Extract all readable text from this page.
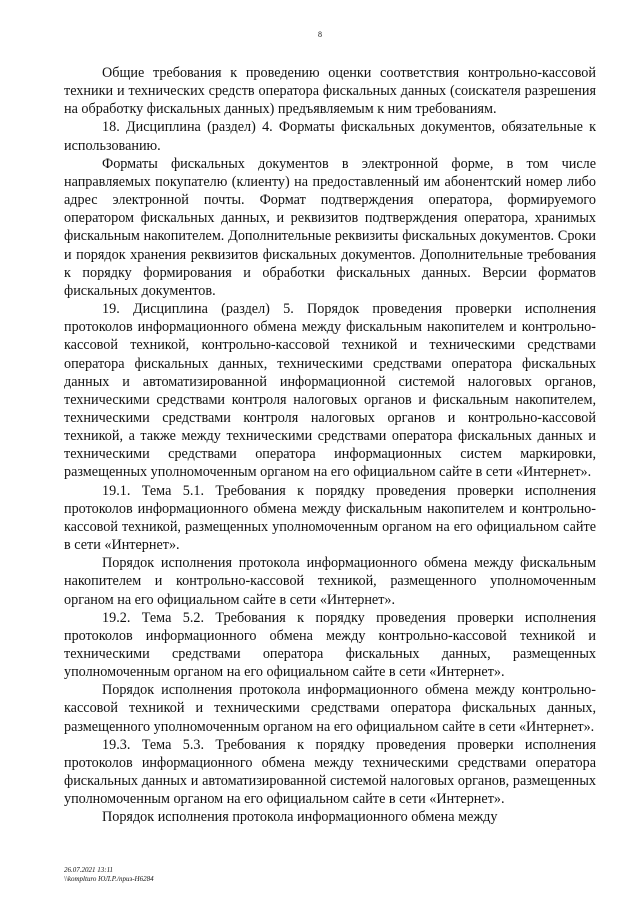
8

Общие требования к проведению оценки соответствия контрольно-кассовой техники и технических средств оператора фискальных данных (соискателя разрешения на обработку фискальных данных) предъявляемым к ним требованиям.

18. Дисциплина (раздел) 4. Форматы фискальных документов, обязательные к использованию.

Форматы фискальных документов в электронной форме, в том числе направляемых покупателю (клиенту) на предоставленный им абонентский номер либо адрес электронной почты. Формат подтверждения оператора, формируемого оператором фискальных данных, и реквизитов подтверждения оператора, хранимых фискальным накопителем. Дополнительные реквизиты фискальных документов. Сроки и порядок хранения реквизитов фискальных документов. Дополнительные требования к порядку формирования и обработки фискальных данных. Версии форматов фискальных документов.

19. Дисциплина (раздел) 5. Порядок проведения проверки исполнения протоколов информационного обмена между фискальным накопителем и контрольно-кассовой техникой, контрольно-кассовой техникой и техническими средствами оператора фискальных данных, техническими средствами оператора фискальных данных и автоматизированной информационной системой налоговых органов, техническими средствами контроля налоговых органов и фискальным накопителем, техническими средствами контроля налоговых органов и контрольно-кассовой техникой, а также между техническими средствами оператора фискальных данных и техническими средствами оператора информационных систем маркировки, размещенных уполномоченным органом на его официальном сайте в сети «Интернет».

19.1. Тема 5.1. Требования к порядку проведения проверки исполнения протоколов информационного обмена между фискальным накопителем и контрольно-кассовой техникой, размещенных уполномоченным органом на его официальном сайте в сети «Интернет».

Порядок исполнения протокола информационного обмена между фискальным накопителем и контрольно-кассовой техникой, размещенного уполномоченным органом на его официальном сайте в сети «Интернет».

19.2. Тема 5.2. Требования к порядку проведения проверки исполнения протоколов информационного обмена между контрольно-кассовой техникой и техническими средствами оператора фискальных данных, размещенных уполномоченным органом на его официальном сайте в сети «Интернет».

Порядок исполнения протокола информационного обмена между контрольно-кассовой техникой и техническими средствами оператора фискальных данных, размещенного уполномоченным органом на его официальном сайте в сети «Интернет».

19.3. Тема 5.3. Требования к порядку проведения проверки исполнения протоколов информационного обмена между техническими средствами оператора фискальных данных и автоматизированной системой налоговых органов, размещенных уполномоченным органом на его официальном сайте в сети «Интернет».

Порядок исполнения протокола информационного обмена между

26.07.2021 13:11
\\komplturo ЮЛ.Р./приз-Н6284
